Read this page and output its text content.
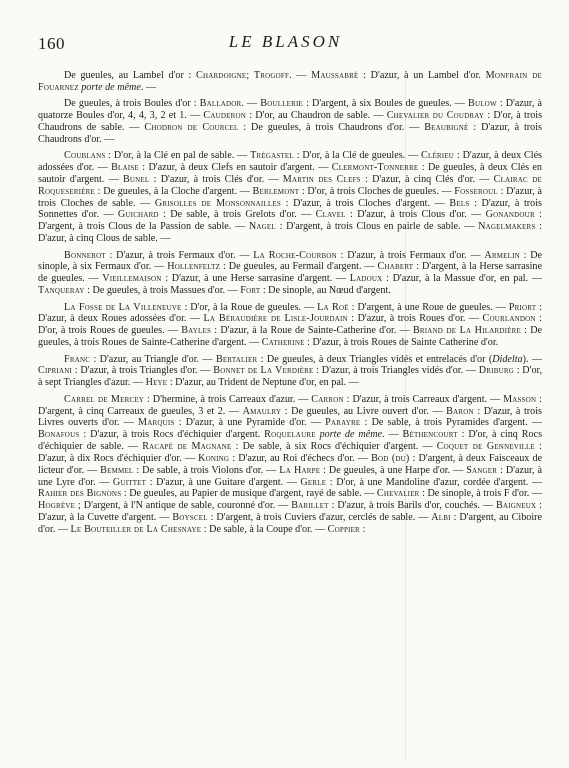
160	LE BLASON

De gueules, au Lambel d'or : Chardoigne; Trogoff. — Maussabré : D'azur, à un Lambel d'or. Monfrain de Fouarnez porte de même. —

De gueules, à trois Boules d'or : Ballador. — Boullerie : D'argent, à six Boules de gueules. — Bulow : D'azur, à quatorze Boules d'or, 4, 4, 3, 2 et 1. — Cauderon : D'or, au Chaudron de sable. — Chevalier du Coudray : D'or, à trois Chaudrons de sable. — Chodron de Courcel : De gueules, à trois Chaudrons d'or. — Beaubigné : D'azur, à trois Chaudrons d'or. —

Coublans : D'or, à la Clé en pal de sable. — Trégastel : D'or, à la Clé de gueules. — Clérieu : D'azur, à deux Clés adossées d'or. — Blaise : D'azur, à deux Clefs en sautoir d'argent. — Clermont-Tonnerre : De gueules, à deux Clés en sautoir d'argent. — Bunel : D'azur, à trois Clés d'or. — Martin des Clefs : D'azur, à cinq Clés d'or. — Clairac de Roqueserière : De gueules, à la Cloche d'argent. — Berlemont : D'or, à trois Cloches de gueules. — Fosseroul : D'azur, à trois Cloches de sable. — Grisolles de Monsonnailles : D'azur, à trois Cloches d'argent. — Bels : D'azur, à trois Sonnettes d'or. — Guichard : De sable, à trois Grelots d'or. — Clavel : D'azur, à trois Clous d'or. — Gonandour : D'argent, à trois Clous de la Passion de sable. — Nagel : D'argent, à trois Clous en pairle de sable. — Nagelmakers : D'azur, à cinq Clous de sable. —

Bonnerot : D'azur, à trois Fermaux d'or. — La Roche-Courbon : D'azur, à trois Fermaux d'or. — Armelin : De sinople, à six Fermaux d'or. — Hollenfeltz : De gueules, au Fermail d'argent. — Chabert : D'argent, à la Herse sarrasine de gueules. — Vieillemaison : D'azur, à une Herse sarrasine d'argent. — Ladoux : D'azur, à la Massue d'or, en pal. — Tanqueray : De gueules, à trois Massues d'or. — Fort : De sinople, au Nœud d'argent.

La Fosse de La Villeneuve : D'or, à la Roue de gueules. — La Roë : D'argent, à une Roue de gueules. — Priort : D'azur, à deux Roues adossées d'or. — La Béraudière de Lisle-Jourdain : D'azur, à trois Roues d'or. — Courlandon : D'or, à trois Roues de gueules. — Bayles : D'azur, à la Roue de Sainte-Catherine d'or. — Briand de La Hilardière : De gueules, à trois Roues de Sainte-Catherine d'argent. — Catherine : D'azur, à trois Roues de Sainte Catherine d'or.

Franc : D'azur, au Triangle d'or. — Bertalier : De gueules, à deux Triangles vidés et entrelacés d'or (Didelta). — Cipriani : D'azur, à trois Triangles d'or. — Bonnet de La Verdière : D'azur, à trois Triangles vidés d'or. — Driburg : D'or, à sept Triangles d'azur. — Heye : D'azur, au Trident de Neptune d'or, en pal. —

Carrel de Mercey : D'hermine, à trois Carreaux d'azur. — Carron : D'azur, à trois Carreaux d'argent. — Masson : D'argent, à cinq Carreaux de gueules, 3 et 2. — Amaulry : De gueules, au Livre ouvert d'or. — Baron : D'azur, à trois Livres ouverts d'or. — Marquis : D'azur, à une Pyramide d'or. — Parayre : De sable, à trois Pyramides d'argent. — Bonafous : D'azur, à trois Rocs d'échiquier d'argent. Roquelaure porte de même. — Béthencourt : D'or, à cinq Rocs d'échiquier de sable. — Racapé de Magnane : De sable, à six Rocs d'échiquier d'argent. — Coquet de Genneville : D'azur, à dix Rocs d'échiquier d'or. — Koning : D'azur, au Roi d'échecs d'or. — Bod (du) : D'argent, à deux Faisceaux de licteur d'or. — Bemmel : De sable, à trois Violons d'or. — La Harpe : De gueules, à une Harpe d'or. — Sanger : D'azur, à une Lyre d'or. — Guittet : D'azur, à une Guitare d'argent. — Gerle : D'or, à une Mandoline d'azur, cordée d'argent. — Rahier des Bignons : De gueules, au Papier de musique d'argent, rayé de sable. — Chevalier : De sinople, à trois F d'or. — Hogrève ; D'argent, à l'N antique de sable, couronné d'or. — Barillet : D'azur, à trois Barils d'or, couchés. — Baigneux : D'azur, à la Cuvette d'argent. — Boyscel : D'argent, à trois Cuviers d'azur, cerclés de sable. — Albi : D'argent, au Ciboire d'or. — Le Bouteiller de La Chesnaye : De sable, à la Coupe d'or. — Coppier :
